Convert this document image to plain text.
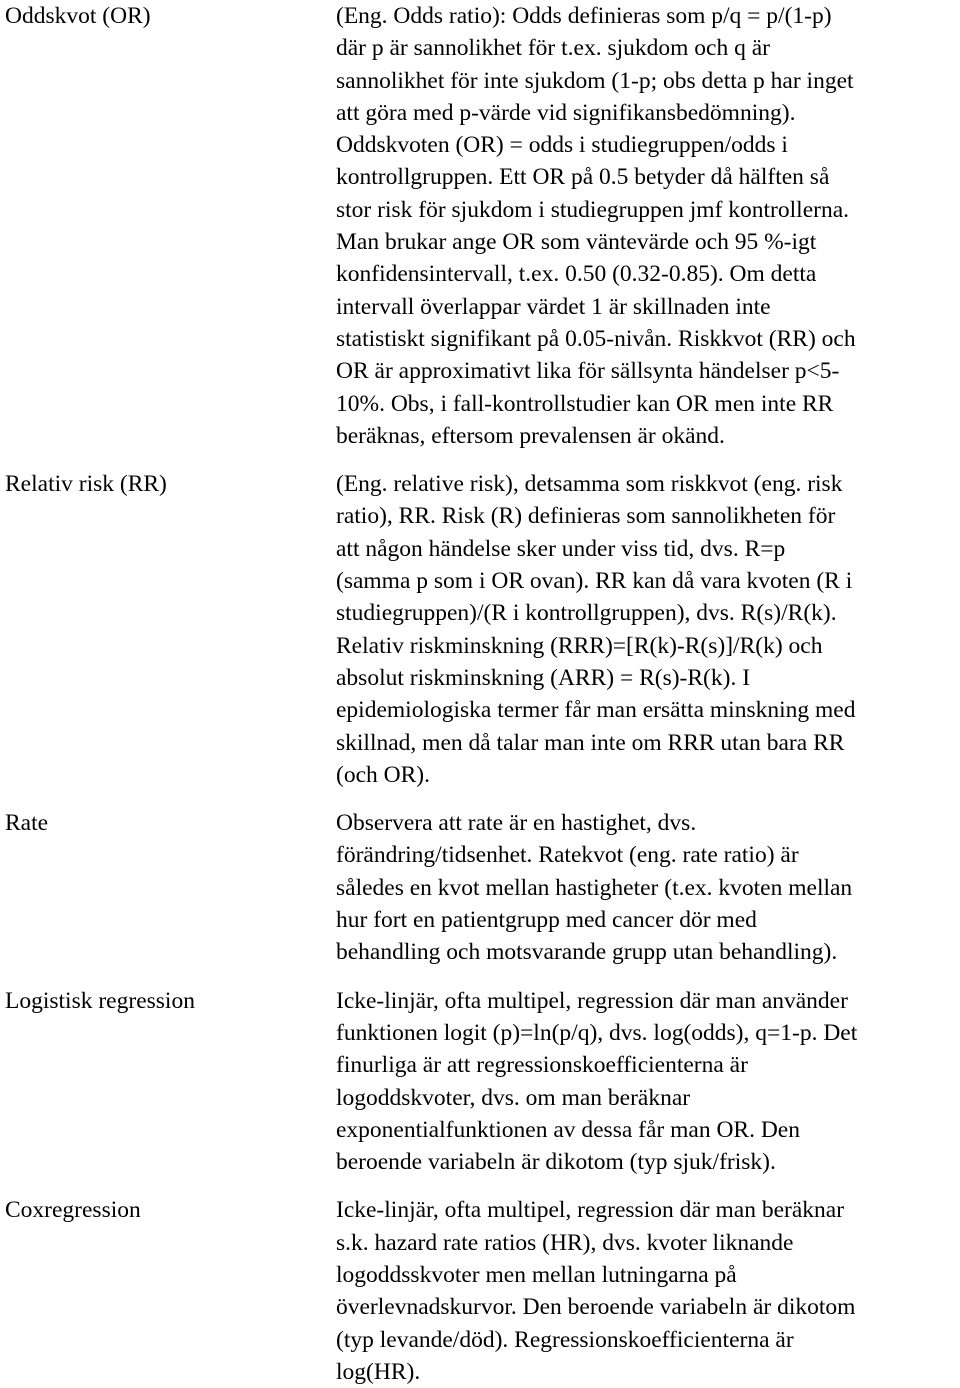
Oddskvot (OR)	(Eng. Odds ratio): Odds definieras som p/q = p/(1-p)
där p är sannolikhet för t.ex. sjukdom och q är
sannolikhet för inte sjukdom (1-p; obs detta p har inget
att göra med p-värde vid signifikansbedömning).
Oddskvoten (OR) = odds i studiegruppen/odds i
kontrollgruppen. Ett OR på 0.5 betyder då hälften så
stor risk för sjukdom i studiegruppen jmf kontrollerna.
Man brukar ange OR som väntevärde och 95 %-igt
konfidensintervall, t.ex. 0.50 (0.32-0.85). Om detta
intervall överlappar värdet 1 är skillnaden inte
statistiskt signifikant på 0.05-nivån. Riskkvot (RR) och
OR är approximativt lika för sällsynta händelser p<5-
10%. Obs, i fall-kontrollstudier kan OR men inte RR
beräknas, eftersom prevalensen är okänd.

Relativ risk (RR)	(Eng. relative risk), detsamma som riskkvot (eng. risk
ratio), RR. Risk (R) definieras som sannolikheten för
att någon händelse sker under viss tid, dvs. R=p
(samma p som i OR ovan). RR kan då vara kvoten (R i
studiegruppen)/(R i kontrollgruppen), dvs. R(s)/R(k).
Relativ riskminskning (RRR)=[R(k)-R(s)]/R(k) och
absolut riskminskning (ARR) = R(s)-R(k). I
epidemiologiska termer får man ersätta minskning med
skillnad, men då talar man inte om RRR utan bara RR
(och OR).

Rate	Observera att rate är en hastighet, dvs.
förändring/tidsenhet. Ratekvot (eng. rate ratio) är
således en kvot mellan hastigheter (t.ex. kvoten mellan
hur fort en patientgrupp med cancer dör med
behandling och motsvarande grupp utan behandling).

Logistisk regression	Icke-linjär, ofta multipel, regression där man använder
funktionen logit (p)=ln(p/q), dvs. log(odds), q=1-p. Det
finurliga är att regressionskoefficienterna är
logoddskvoter, dvs. om man beräknar
exponentialfunktionen av dessa får man OR. Den
beroende variabeln är dikotom (typ sjuk/frisk).

Coxregression	Icke-linjär, ofta multipel, regression där man beräknar
s.k. hazard rate ratios (HR), dvs. kvoter liknande
logoddsskvoter men mellan lutningarna på
överlevnadskurvor. Den beroende variabeln är dikotom
(typ levande/död). Regressionskoefficienterna är
log(HR).
